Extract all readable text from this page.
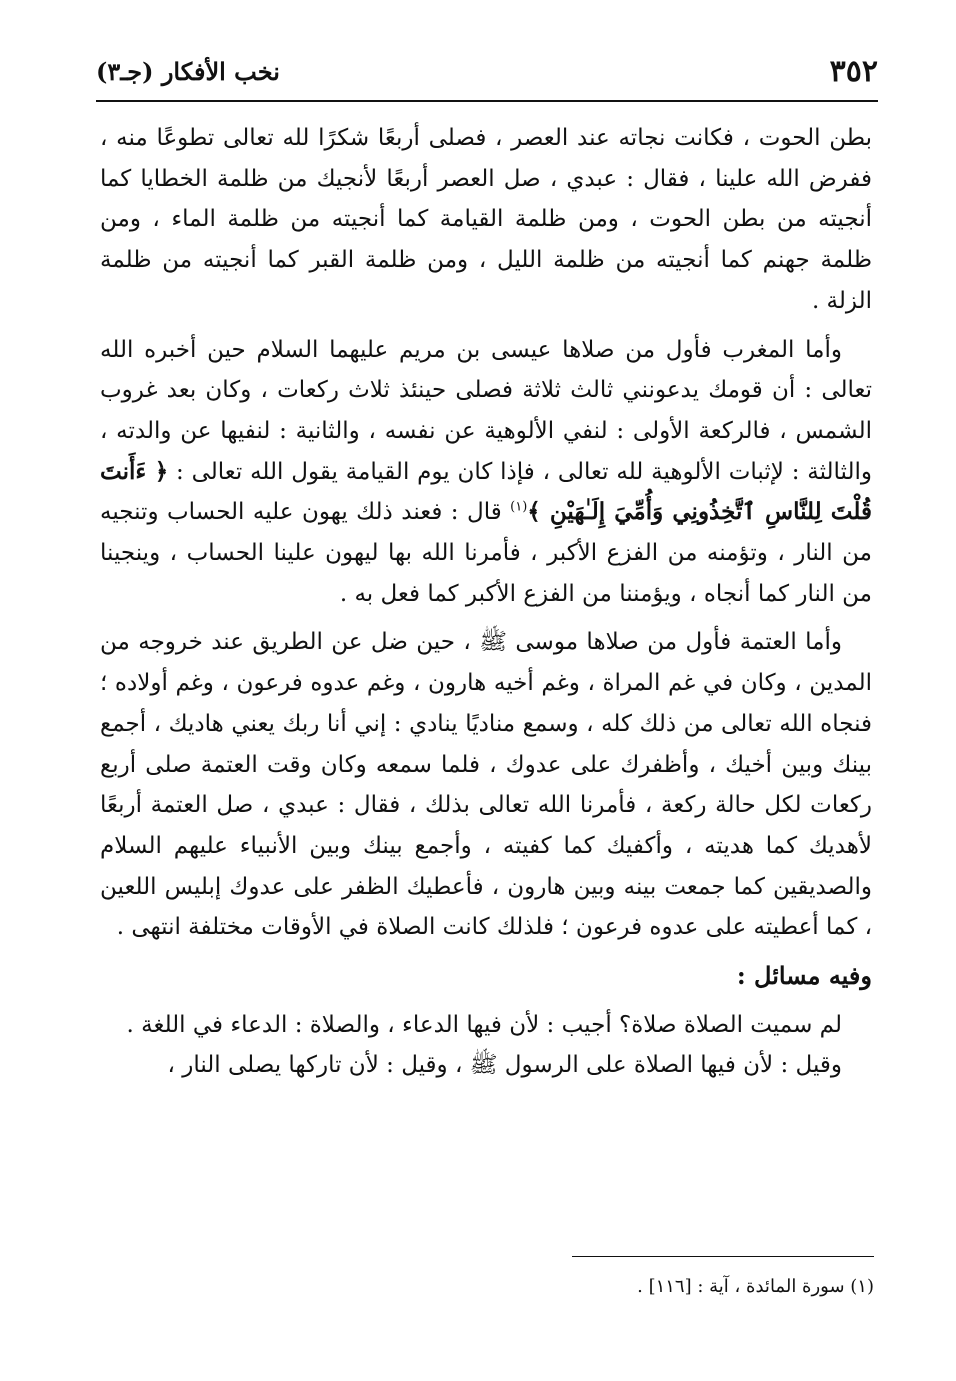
٣٥٢
نخب الأفكار (جـ٣)

بطن الحوت ، فكانت نجاته عند العصر ، فصلى أربعًا شكرًا لله تعالى تطوعًا منه ، ففرض الله علينا ، فقال : عبدي ، صل العصر أربعًا لأنجيك من ظلمة الخطايا كما أنجيته من بطن الحوت ، ومن ظلمة القيامة كما أنجيته من ظلمة الماء ، ومن ظلمة جهنم كما أنجيته من ظلمة الليل ، ومن ظلمة القبر كما أنجيته من ظلمة الزلة .

وأما المغرب فأول من صلاها عيسى بن مريم عليهما السلام حين أخبره الله تعالى : أن قومك يدعونني ثالث ثلاثة فصلى حينئذ ثلاث ركعات ، وكان بعد غروب الشمس ، فالركعة الأولى : لنفي الألوهية عن نفسه ، والثانية : لنفيها عن والدته ، والثالثة : لإثبات الألوهية لله تعالى ، فإذا كان يوم القيامة يقول الله تعالى : ﴿ ءَأَنتَ قُلْتَ لِلنَّاسِ ٱتَّخِذُونِي وَأُمِّيَ إِلَـٰهَيْنِ ﴾$^{(١)}$ قال : فعند ذلك يهون عليه الحساب وتنجيه من النار ، وتؤمنه من الفزع الأكبر ، فأمرنا الله بها ليهون علينا الحساب ، وينجينا من النار كما أنجاه ، ويؤمننا من الفزع الأكبر كما فعل به .

وأما العتمة فأول من صلاها موسى ﷺ ، حين ضل عن الطريق عند خروجه من المدين ، وكان في غم المراة ، وغم أخيه هارون ، وغم عدوه فرعون ، وغم أولاده ؛ فنجاه الله تعالى من ذلك كله ، وسمع مناديًا ينادي : إني أنا ربك يعني هاديك ، أجمع بينك وبين أخيك ، وأظفرك على عدوك ، فلما سمعه وكان وقت العتمة صلى أربع ركعات لكل حالة ركعة ، فأمرنا الله تعالى بذلك ، فقال : عبدي ، صل العتمة أربعًا لأهديك كما هديته ، وأكفيك كما كفيته ، وأجمع بينك وبين الأنبياء عليهم السلام والصديقين كما جمعت بينه وبين هارون ، فأعطيك الظفر على عدوك إبليس اللعين ، كما أعطيته على عدوه فرعون ؛ فلذلك كانت الصلاة في الأوقات مختلفة انتهى .

وفيه مسائل :

لم سميت الصلاة صلاة؟ أجيب : لأن فيها الدعاء ، والصلاة : الدعاء في اللغة .

وقيل : لأن فيها الصلاة على الرسول ﷺ ، وقيل : لأن تاركها يصلى النار ،

(١) سورة المائدة ، آية : [١١٦] .
